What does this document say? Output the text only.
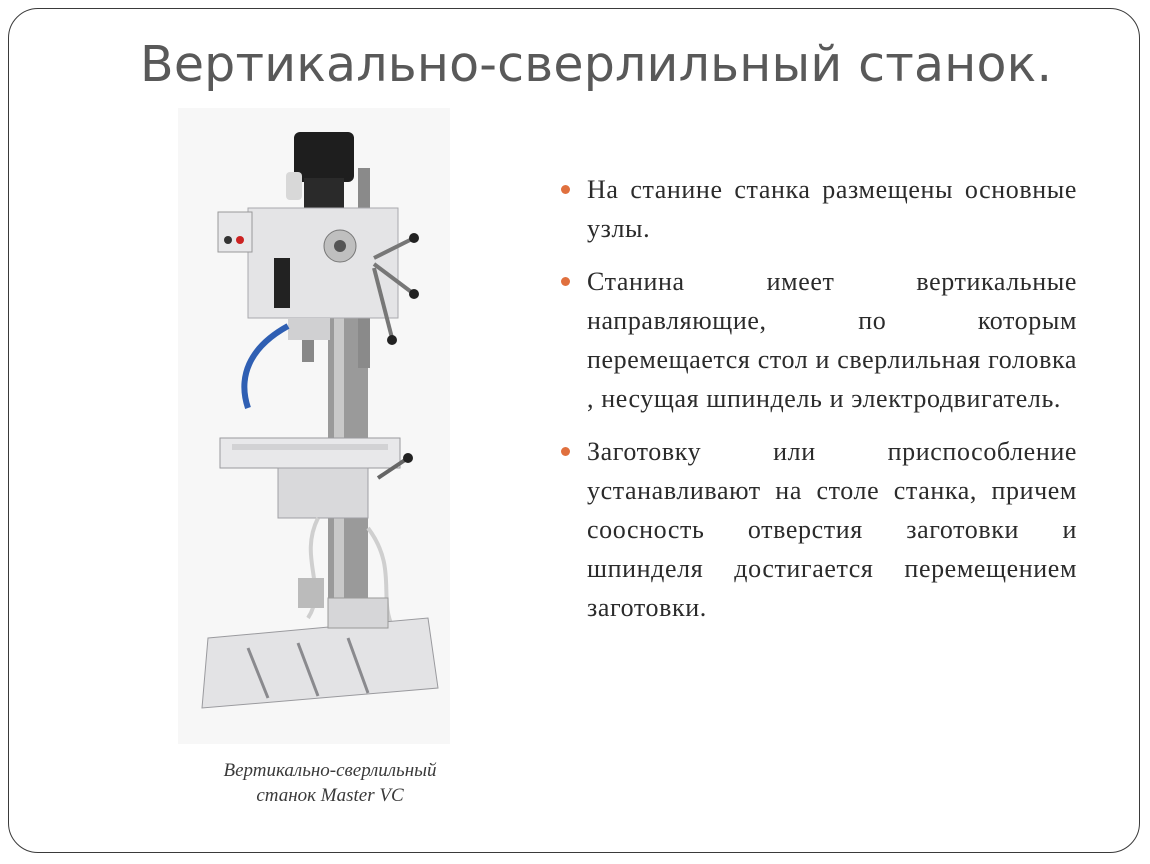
Вертикально-сверлильный станок.
Вертикально-сверлильный
станок Master VC
На станине станка размещены основные узлы.
Станина имеет вертикальные направляющие, по которым перемещается стол и сверлильная головка , несущая шпиндель и электродвигатель.
Заготовку или приспособление устанавливают на столе станка, причем соосность отверстия заготовки и шпинделя достигается перемещением заготовки.
